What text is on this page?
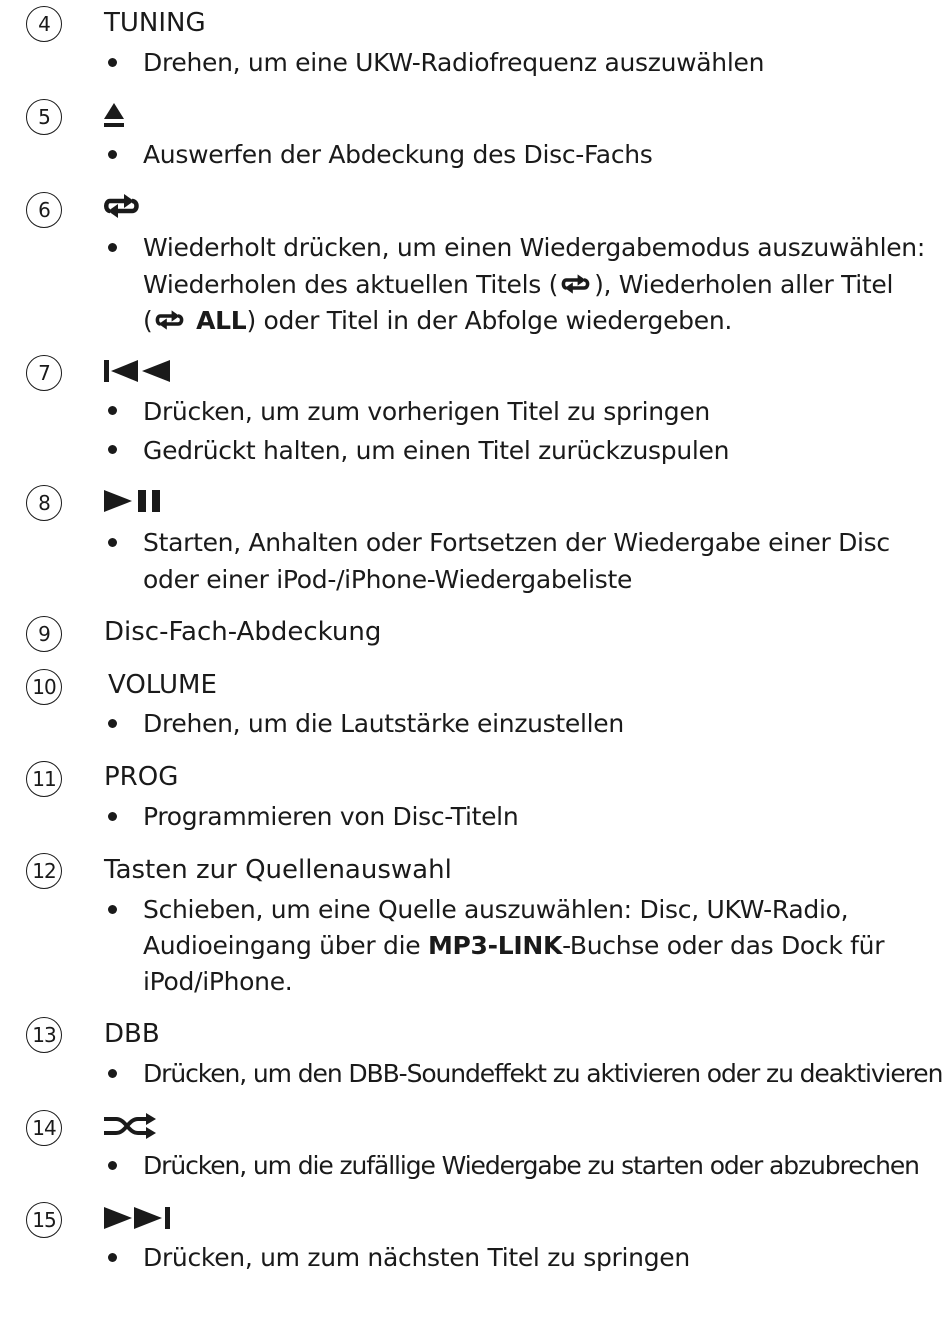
4	TUNING
Drehen, um eine UKW-Radiofrequenz auszuwählen
5
Auswerfen der Abdeckung des Disc-Fachs
6
Wiederholt drücken, um einen Wiedergabemodus auszuwählen:
Wiederholen des aktuellen Titels ( ), Wiederholen aller Titel
( ALL) oder Titel in der Abfolge wiedergeben.
7
Drücken, um zum vorherigen Titel zu springen
Gedrückt halten, um einen Titel zurückzuspulen
8
Starten, Anhalten oder Fortsetzen der Wiedergabe einer Disc
oder einer iPod-/iPhone-Wiedergabeliste
9	Disc-Fach-Abdeckung
10 VOLUME
Drehen, um die Lautstärke einzustellen
11 PROG
Programmieren von Disc-Titeln
12 Tasten zur Quellenauswahl
Schieben, um eine Quelle auszuwählen: Disc, UKW-Radio,
Audioeingang über die MP3-LINK-Buchse oder das Dock für
iPod/iPhone.
13 DBB
Drücken, um den DBB-Soundeffekt zu aktivieren oder zu deaktivieren
14
Drücken, um die zufällige Wiedergabe zu starten oder abzubrechen
15
Drücken, um zum nächsten Titel zu springen
